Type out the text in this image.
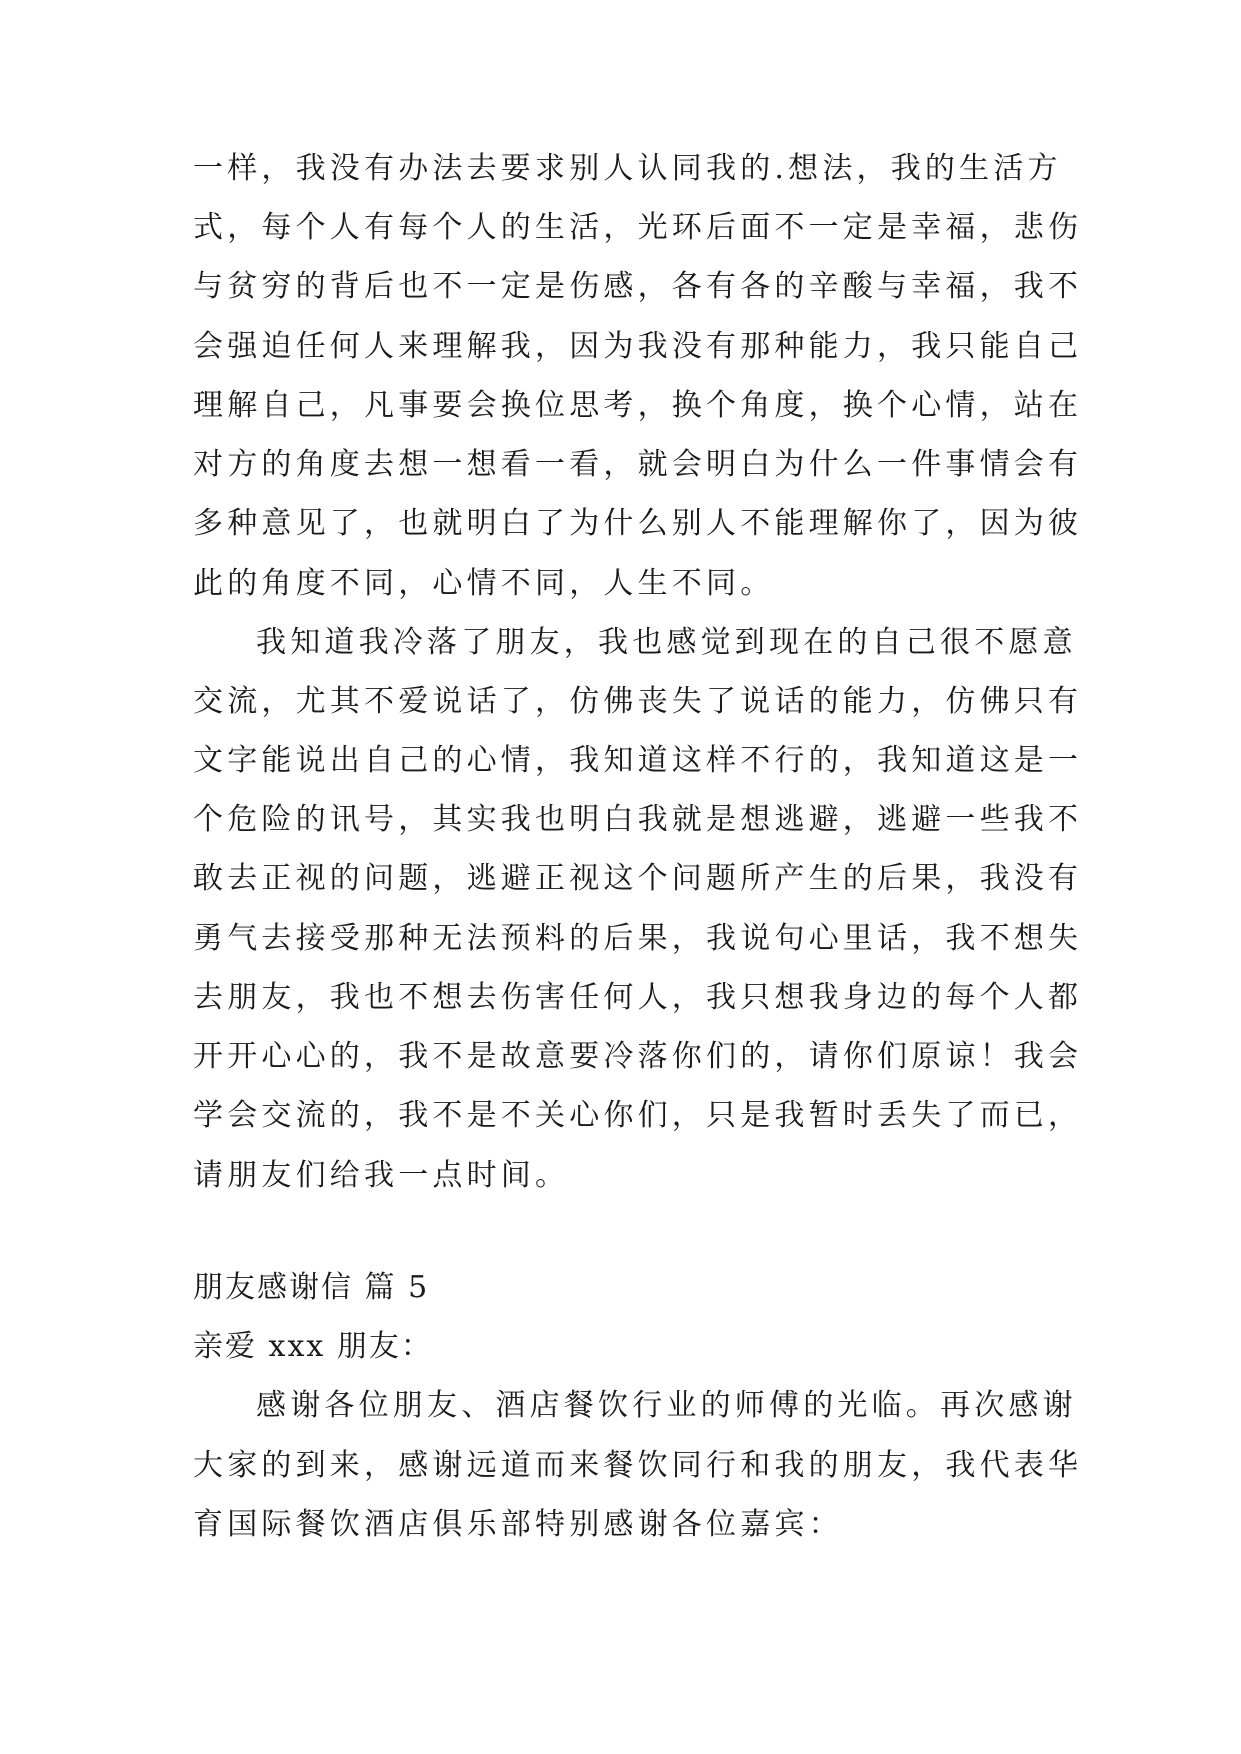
一样，我没有办法去要求别人认同我的.想法，我的生活方
式，每个人有每个人的生活，光环后面不一定是幸福，悲伤
与贫穷的背后也不一定是伤感，各有各的辛酸与幸福，我不
会强迫任何人来理解我，因为我没有那种能力，我只能自己
理解自己，凡事要会换位思考，换个角度，换个心情，站在
对方的角度去想一想看一看，就会明白为什么一件事情会有
多种意见了，也就明白了为什么别人不能理解你了，因为彼
此的角度不同，心情不同，人生不同。
我知道我冷落了朋友，我也感觉到现在的自己很不愿意
交流，尤其不爱说话了，仿佛丧失了说话的能力，仿佛只有
文字能说出自己的心情，我知道这样不行的，我知道这是一
个危险的讯号，其实我也明白我就是想逃避，逃避一些我不
敢去正视的问题，逃避正视这个问题所产生的后果，我没有
勇气去接受那种无法预料的后果，我说句心里话，我不想失
去朋友，我也不想去伤害任何人，我只想我身边的每个人都
开开心心的，我不是故意要冷落你们的，请你们原谅！我会
学会交流的，我不是不关心你们，只是我暂时丢失了而已，
请朋友们给我一点时间。
朋友感谢信 篇 5
亲爱 xxx 朋友：
感谢各位朋友、酒店餐饮行业的师傅的光临。再次感谢
大家的到来，感谢远道而来餐饮同行和我的朋友，我代表华
育国际餐饮酒店俱乐部特别感谢各位嘉宾：
